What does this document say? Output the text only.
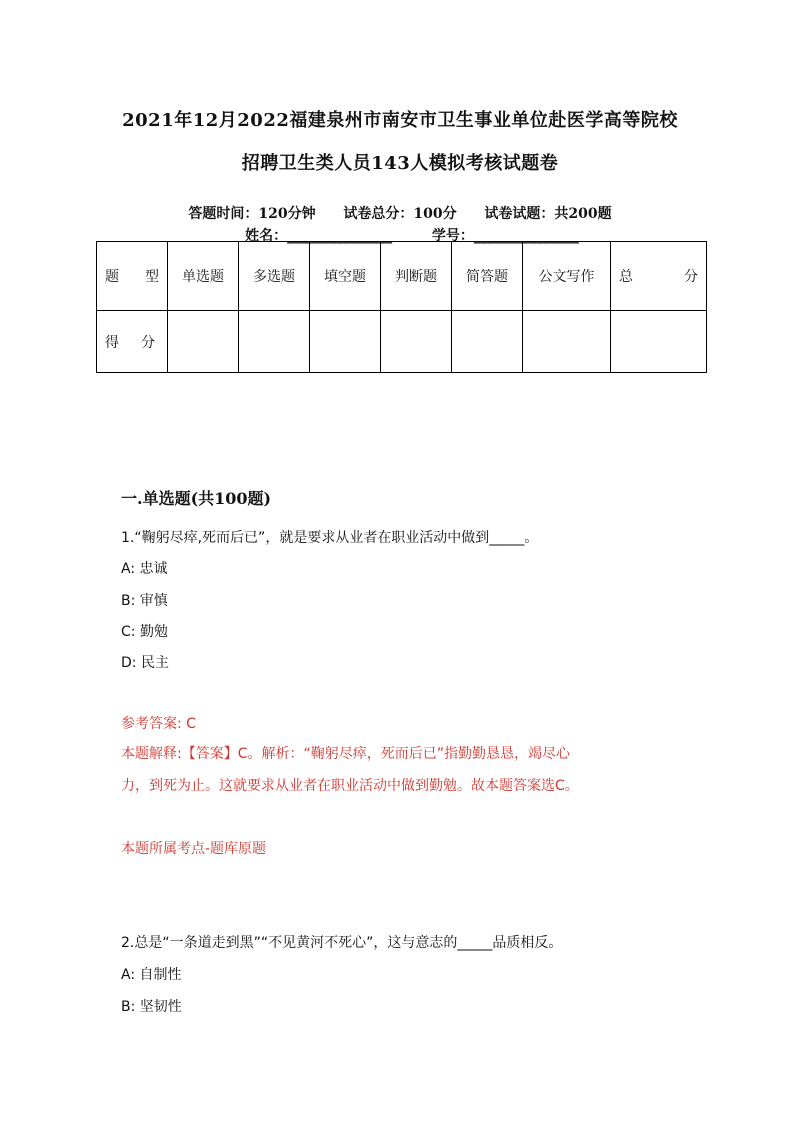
2021年12月2022福建泉州市南安市卫生事业单位赴医学高等院校
招聘卫生类人员143人模拟考核试题卷
答题时间：120分钟 试卷总分：100分 试卷试题：共200题
姓名：_______________	学号：_______________
题 型	单选题	多选题	填空题	判断题	简答题	公文写作	总 分

得 分							

一.单选题(共100题)
1.“鞠躬尽瘁,死而后已”，就是要求从业者在职业活动中做到_____。
A: 忠诚
B: 审慎
C: 勤勉
D: 民主
参考答案: C
本题解释:【答案】C。解析：“鞠躬尽瘁，死而后已”指勤勤恳恳，竭尽心
力，到死为止。这就要求从业者在职业活动中做到勤勉。故本题答案选C。
本题所属考点-题库原题
2.总是“一条道走到黑”“不见黄河不死心”，这与意志的_____品质相反。
A: 自制性
B: 坚韧性
